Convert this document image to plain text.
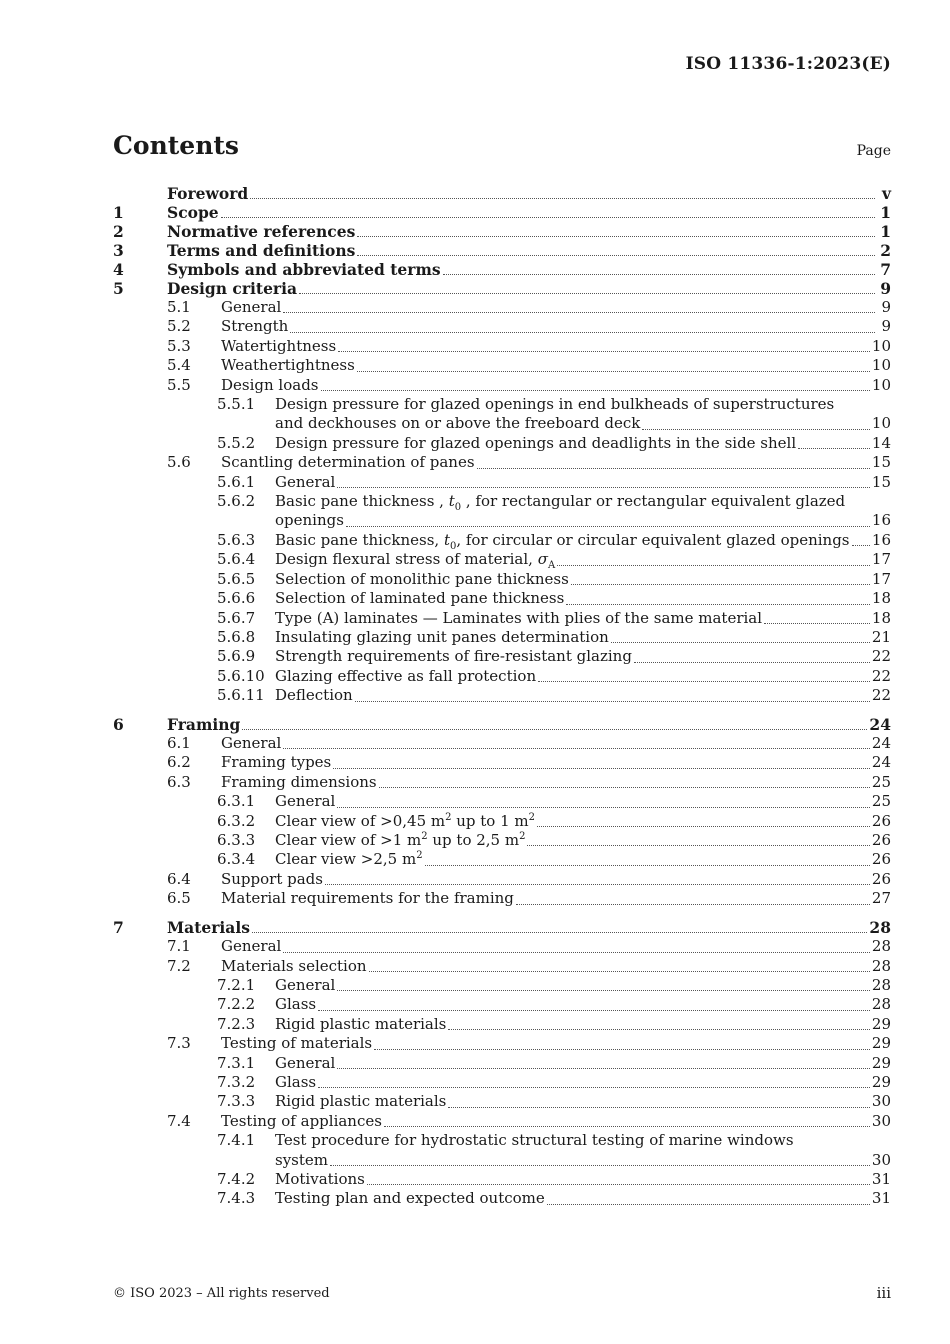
ISO 11336-1:2023(E)
Contents	Page
Foreword	v
1	Scope	1
2	Normative references	1
3	Terms and definitions	2
4	Symbols and abbreviated terms	7
5	Design criteria	9
5.1	General	9
5.2	Strength	9
5.3	Watertightness	10
5.4	Weathertightness	10
5.5	Design loads	10
5.5.1	Design pressure for glazed openings in end bulkheads of superstructures
and deckhouses on or above the freeboard deck	10
5.5.2	Design pressure for glazed openings and deadlights in the side shell	14
5.6	Scantling determination of panes	15
5.6.1	General	15
5.6.2	Basic pane thickness , $t_0$ , for rectangular or rectangular equivalent glazed
openings	16
5.6.3	Basic pane thickness, $t_0$, for circular or circular equivalent glazed openings 16
5.6.4	Design flexural stress of material, $\sigma_A$	17
5.6.5	Selection of monolithic pane thickness	17
5.6.6	Selection of laminated pane thickness	18
5.6.7	Type (A) laminates — Laminates with plies of the same material	18
5.6.8	Insulating glazing unit panes determination	21
5.6.9	Strength requirements of fire-resistant glazing	22
5.6.10 Glazing effective as fall protection	22
5.6.11 Deflection	22
6	Framing	24
6.1	General	24
6.2	Framing types	24
6.3	Framing dimensions	25
6.3.1	General	25
6.3.2	Clear view of >0,45 $m^2$ up to 1 $m^2$	26
6.3.3	Clear view of >1 $m^2$ up to 2,5 $m^2$	26
6.3.4	Clear view >2,5 $m^2$	26
6.4	Support pads	26
6.5	Material requirements for the framing	27
7	Materials	28
7.1	General	28
7.2	Materials selection	28
7.2.1	General	28
7.2.2	Glass	28
7.2.3	Rigid plastic materials	29
7.3	Testing of materials	29
7.3.1	General	29
7.3.2	Glass	29
7.3.3	Rigid plastic materials	30
7.4	Testing of appliances	30
7.4.1	Test procedure for hydrostatic structural testing of marine windows
system	30
7.4.2	Motivations	31
7.4.3	Testing plan and expected outcome	31
© ISO 2023 – All rights reserved	iii
